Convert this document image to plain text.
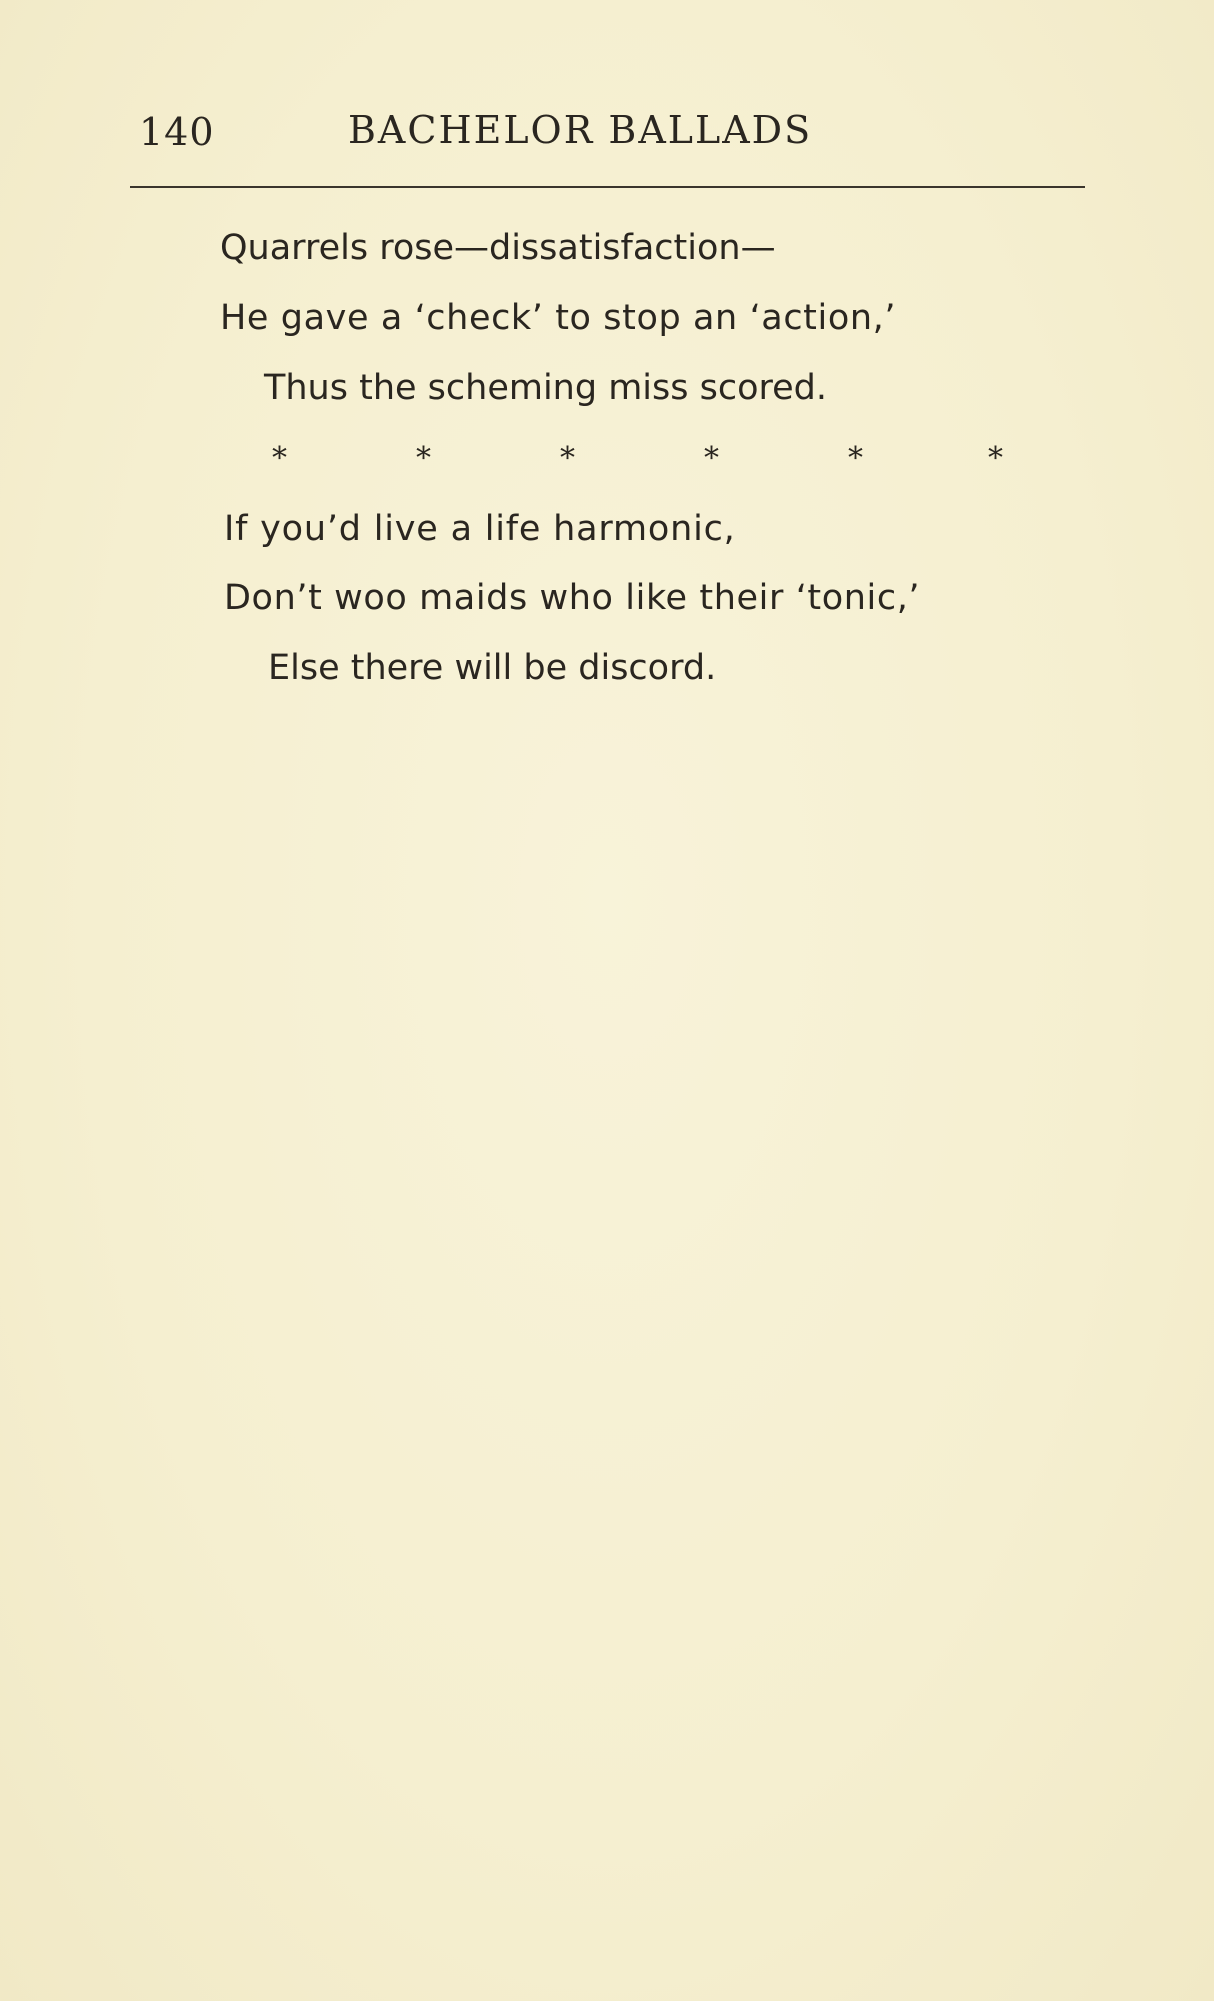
140	BACHELOR BALLADS
Quarrels rose—dissatisfaction—
He gave a ‘check’ to stop an ‘action,’
Thus the scheming miss scored.
*	*	*	*	*	*
If you’d live a life harmonic,
Don’t woo maids who like their ‘tonic,’
Else there will be discord.
